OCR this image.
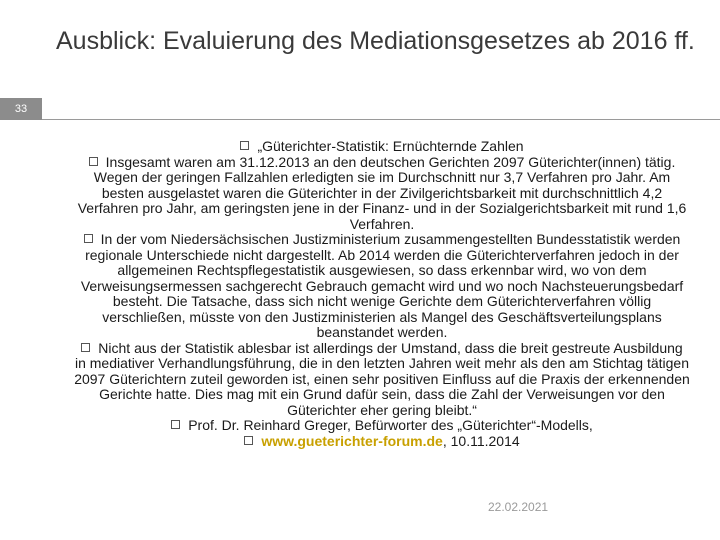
Ausblick: Evaluierung des Mediationsgesetzes ab 2016 ff.
33

„Güterichter-Statistik: Ernüchternde Zahlen

Insgesamt waren am 31.12.2013 an den deutschen Gerichten 2097 Güterichter(innen) tätig. Wegen der geringen Fallzahlen erledigten sie im Durchschnitt nur 3,7 Verfahren pro Jahr. Am besten ausgelastet waren die Güterichter in der Zivilgerichtsbarkeit mit durchschnittlich 4,2 Verfahren pro Jahr, am geringsten jene in der Finanz- und in der Sozialgerichtsbarkeit mit rund 1,6 Verfahren.

In der vom Niedersächsischen Justizministerium zusammengestellten Bundesstatistik werden regionale Unterschiede nicht dargestellt. Ab 2014 werden die Güterichterverfahren jedoch in der allgemeinen Rechtspflegestatistik ausgewiesen, so dass erkennbar wird, wo von dem Verweisungsermessen sachgerecht Gebrauch gemacht wird und wo noch Nachsteuerungsbedarf besteht. Die Tatsache, dass sich nicht wenige Gerichte dem Güterichterverfahren völlig verschließen, müsste von den Justizministerien als Mangel des Geschäftsverteilungsplans beanstandet werden.

Nicht aus der Statistik ablesbar ist allerdings der Umstand, dass die breit gestreute Ausbildung in mediativer Verhandlungsführung, die in den letzten Jahren weit mehr als den am Stichtag tätigen 2097 Güterichtern zuteil geworden ist, einen sehr positiven Einfluss auf die Praxis der erkennenden Gerichte hatte. Dies mag mit ein Grund dafür sein, dass die Zahl der Verweisungen vor den Güterichter eher gering bleibt.“

Prof. Dr. Reinhard Greger, Befürworter des „Güterichter“-Modells,

www.gueterichter-forum.de, 10.11.2014

22.02.2021
